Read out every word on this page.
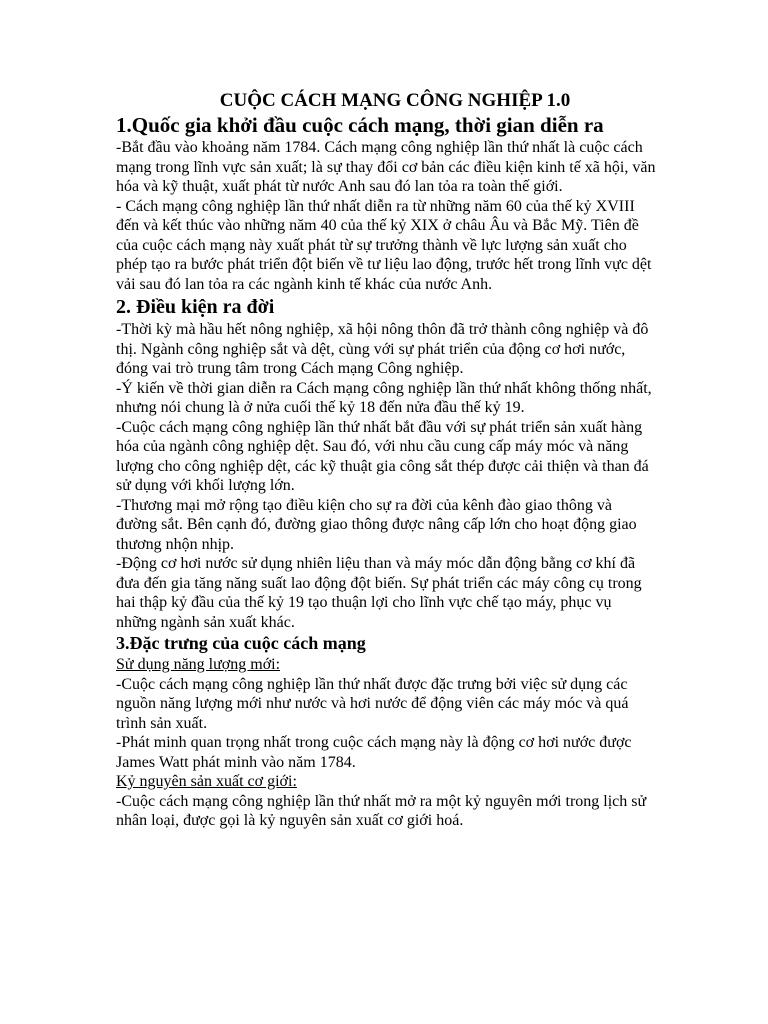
CUỘC CÁCH MẠNG CÔNG NGHIỆP 1.0
1.Quốc gia khởi đầu cuộc cách mạng, thời gian diễn ra

-Bắt đầu vào khoảng năm 1784. Cách mạng công nghiệp lần thứ nhất là cuộc cách mạng trong lĩnh vực sản xuất; là sự thay đổi cơ bản các điều kiện kinh tế xã hội, văn hóa và kỹ thuật, xuất phát từ nước Anh sau đó lan tỏa ra toàn thế giới.

- Cách mạng công nghiệp lần thứ nhất diễn ra từ những năm 60 của thế kỷ XVIII đến và kết thúc vào những năm 40 của thế kỷ XIX ở châu Âu và Bắc Mỹ. Tiên đề của cuộc cách mạng này xuất phát từ sự trưởng thành về lực lượng sản xuất cho phép tạo ra bước phát triển đột biến về tư liệu lao động, trước hết trong lĩnh vực dệt vải sau đó lan tỏa ra các ngành kinh tế khác của nước Anh.

2. Điều kiện ra đời

-Thời kỳ mà hầu hết nông nghiệp, xã hội nông thôn đã trở thành công nghiệp và đô thị. Ngành công nghiệp sắt và dệt, cùng với sự phát triển của động cơ hơi nước, đóng vai trò trung tâm trong Cách mạng Công nghiệp.

-Ý kiến về thời gian diễn ra Cách mạng công nghiệp lần thứ nhất không thống nhất, nhưng nói chung là ở nửa cuối thế kỷ 18 đến nửa đầu thế kỷ 19.

-Cuộc cách mạng công nghiệp lần thứ nhất bắt đầu với sự phát triển sản xuất hàng hóa của ngành công nghiệp dệt. Sau đó, với nhu cầu cung cấp máy móc và năng lượng cho công nghiệp dệt, các kỹ thuật gia công sắt thép được cải thiện và than đá sử dụng với khối lượng lớn.

-Thương mại mở rộng tạo điều kiện cho sự ra đời của kênh đào giao thông và đường sắt. Bên cạnh đó, đường giao thông được nâng cấp lớn cho hoạt động giao thương nhộn nhịp.

-Động cơ hơi nước sử dụng nhiên liệu than và máy móc dẫn động bằng cơ khí đã đưa đến gia tăng năng suất lao động đột biến. Sự phát triển các máy công cụ trong hai thập kỷ đầu của thế kỷ 19 tạo thuận lợi cho lĩnh vực chế tạo máy, phục vụ những ngành sản xuất khác.

3.Đặc trưng của cuộc cách mạng

Sử dụng năng lượng mới:

-Cuộc cách mạng công nghiệp lần thứ nhất được đặc trưng bởi việc sử dụng các nguồn năng lượng mới như nước và hơi nước để động viên các máy móc và quá trình sản xuất.

-Phát minh quan trọng nhất trong cuộc cách mạng này là động cơ hơi nước được James Watt phát minh vào năm 1784.

Kỷ nguyên sản xuất cơ giới:

-Cuộc cách mạng công nghiệp lần thứ nhất mở ra một kỷ nguyên mới trong lịch sử nhân loại, được gọi là kỷ nguyên sản xuất cơ giới hoá.
